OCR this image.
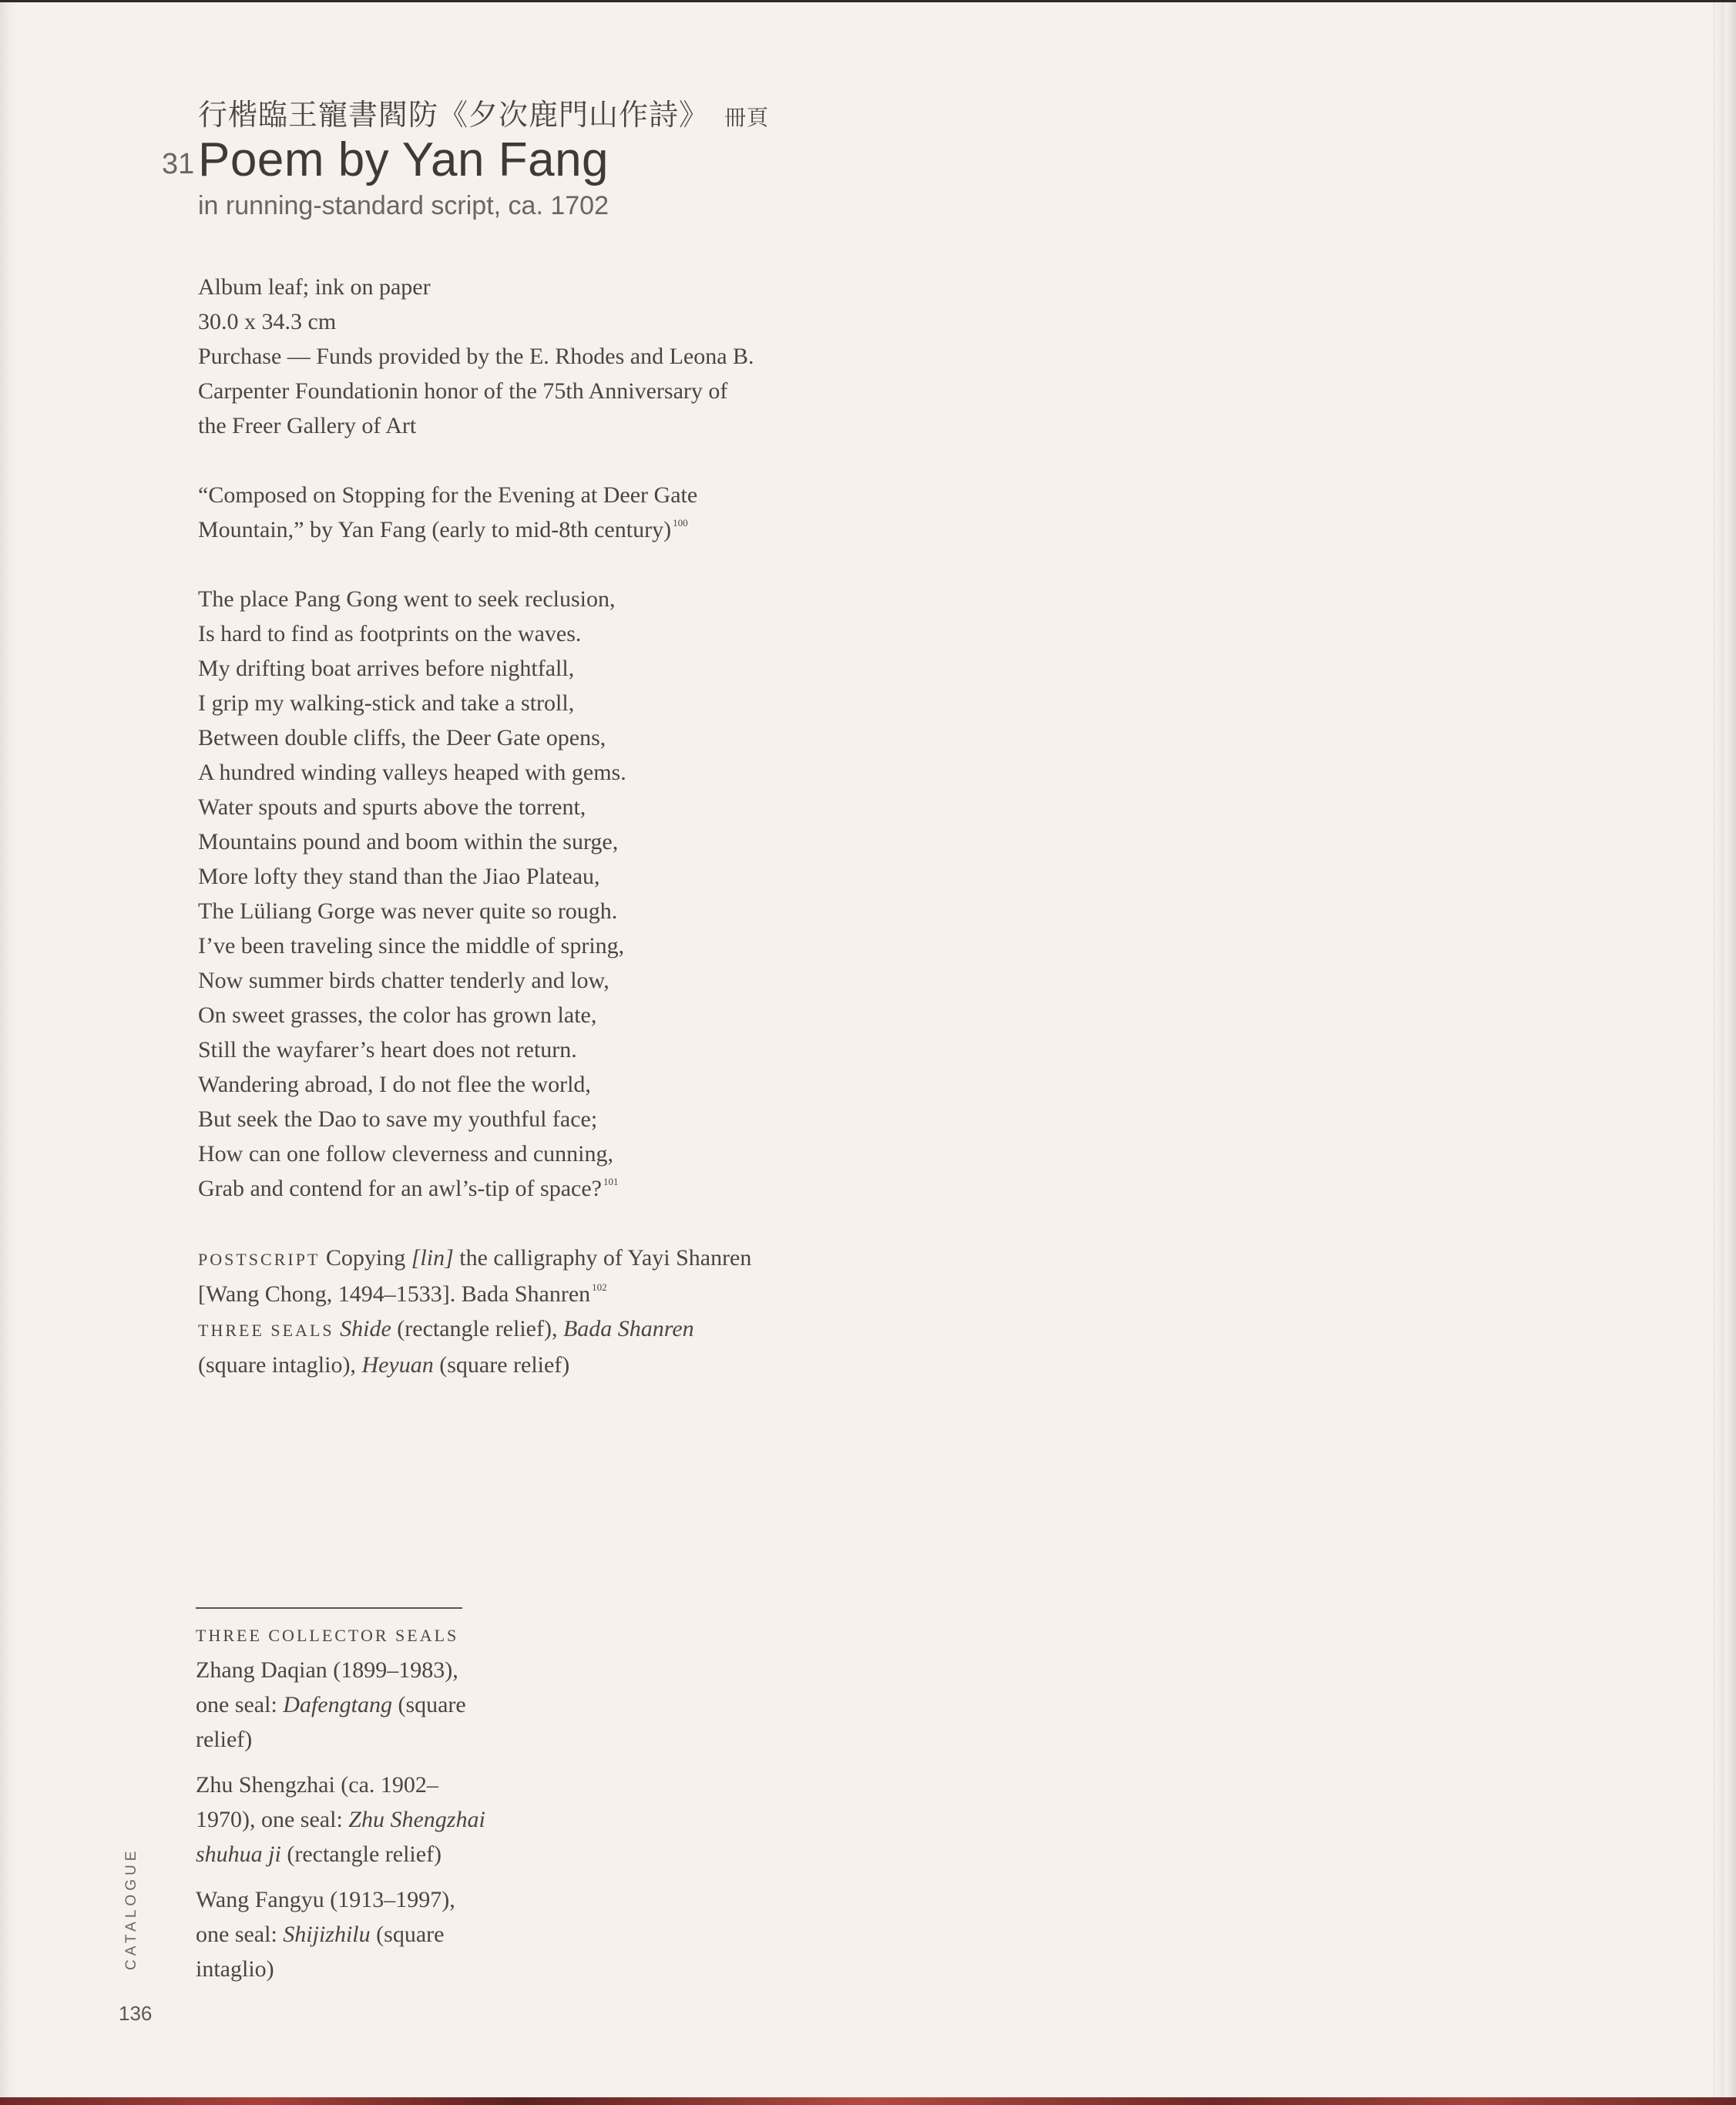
行楷臨王寵書閻防《夕次鹿門山作詩》 冊頁
31 Poem by Yan Fang
in running-standard script, ca. 1702
Album leaf; ink on paper
30.0 x 34.3 cm
Purchase — Funds provided by the E. Rhodes and Leona B.
Carpenter Foundationin honor of the 75th Anniversary of
the Freer Gallery of Art
“Composed on Stopping for the Evening at Deer Gate
Mountain,” by Yan Fang (early to mid-8th century) $^{100}$
The place Pang Gong went to seek reclusion,
Is hard to find as footprints on the waves.
My drifting boat arrives before nightfall,
I grip my walking-stick and take a stroll,
Between double cliffs, the Deer Gate opens,
A hundred winding valleys heaped with gems.
Water spouts and spurts above the torrent,
Mountains pound and boom within the surge,
More lofty they stand than the Jiao Plateau,
The Lüliang Gorge was never quite so rough.
I’ve been traveling since the middle of spring,
Now summer birds chatter tenderly and low,
On sweet grasses, the color has grown late,
Still the wayfarer’s heart does not return.
Wandering abroad, I do not flee the world,
But seek the Dao to save my youthful face;
How can one follow cleverness and cunning,
Grab and contend for an awl’s-tip of space? $^{101}$
POSTSCRIPT Copying [lin] the calligraphy of Yayi Shanren
[Wang Chong, 1494–1533]. Bada Shanren $^{102}$
THREE SEALS Shide (rectangle relief), Bada Shanren
(square intaglio), Heyuan (square relief)
THREE COLLECTOR SEALS
Zhang Daqian (1899–1983),
one seal: Dafengtang (square
relief)
Zhu Shengzhai (ca. 1902–
1970), one seal: Zhu Shengzhai
shuhua ji (rectangle relief)
Wang Fangyu (1913–1997),
one seal: Shijizhilu (square
intaglio)
CATALOGUE
136
